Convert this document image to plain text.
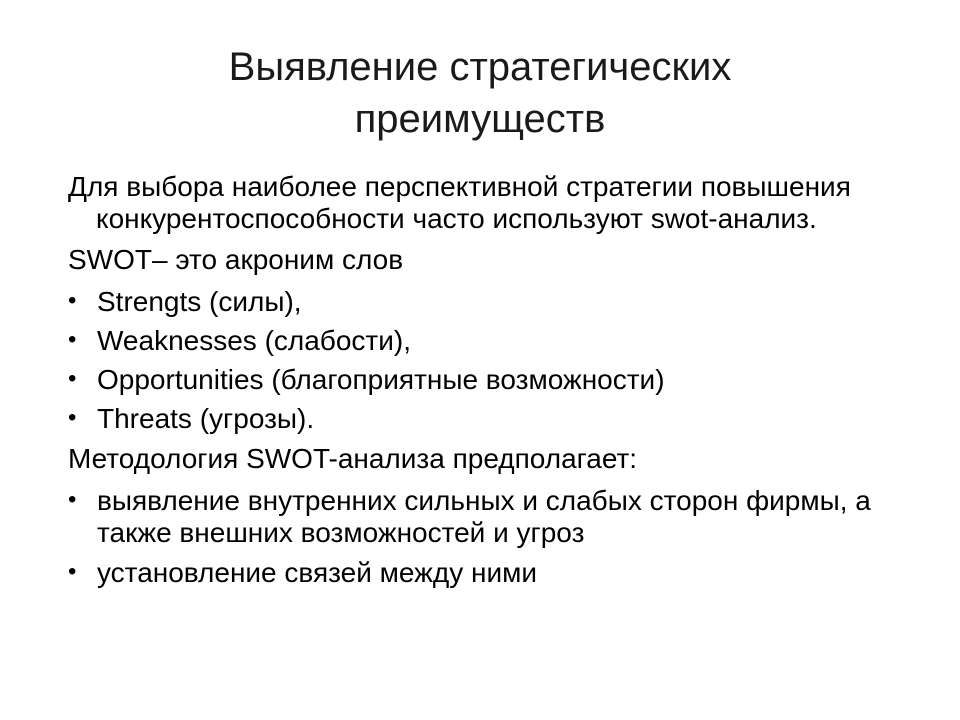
Выявление стратегических
преимуществ

Для выбора наиболее перспективной стратегии повышения конкурентоспособности часто используют swot-анализ.

SWOT– это акроним слов

• Strengts (силы),
• Weaknesses (слабости),
• Opportunities (благоприятные возможности)
• Threats (угрозы).

Методология SWOT-анализа предполагает:

• выявление внутренних сильных и слабых сторон фирмы, а также внешних возможностей и угроз
• установление связей между ними
